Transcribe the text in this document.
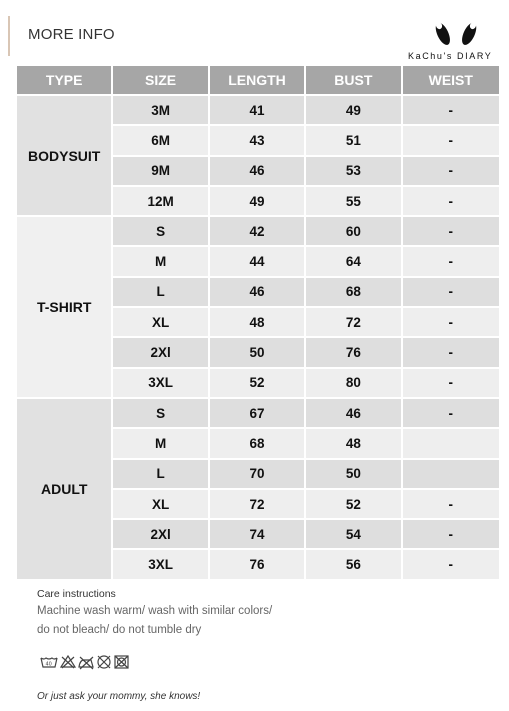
MORE INFO
KaChu's DIARY
TYPE	SIZE	LENGTH	BUST	WEIST
BODYSUIT	3M	41	49	-
	6M	43	51	-
	9M	46	53	-
	12M	49	55	-
T-SHIRT	S	42	60	-
	M	44	64	-
	L	46	68	-
	XL	48	72	-
	2Xl	50	76	-
	3XL	52	80	-
ADULT	S	67	46	-
	M	68	48	
	L	70	50	
	XL	72	52	-
	2Xl	74	54	-
	3XL	76	56	-
Care instructions
Machine wash warm/ wash with similar colors/
do not bleach/ do not tumble dry
40
Or just ask your mommy, she knows!
